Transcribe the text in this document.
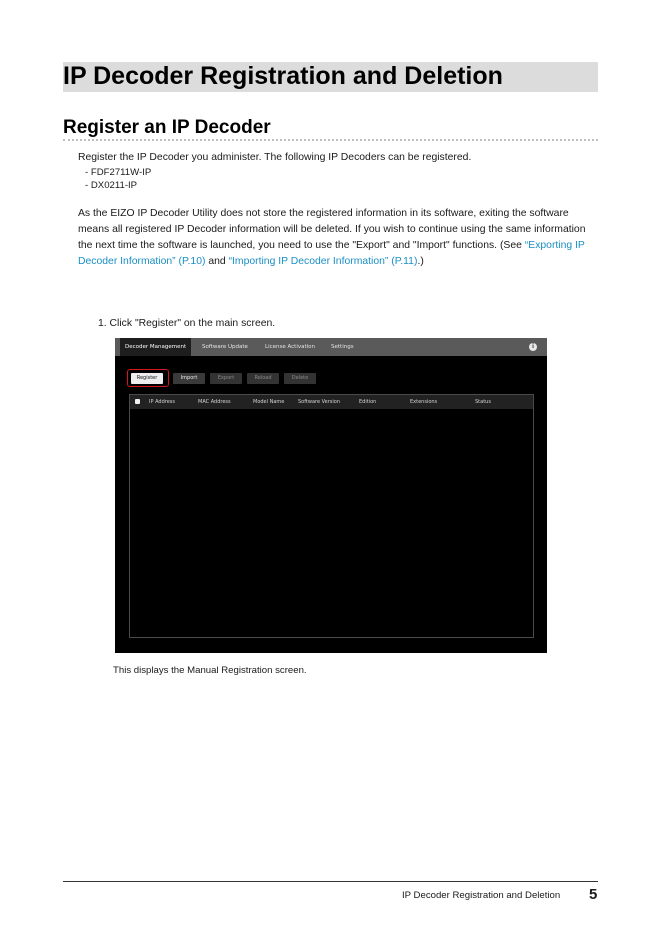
IP Decoder Registration and Deletion
Register an IP Decoder

Register the IP Decoder you administer. The following IP Decoders can be registered.

- FDF2711W-IP
- DX0211-IP

As the EIZO IP Decoder Utility does not store the registered information in its software, exiting the software means all registered IP Decoder information will be deleted. If you wish to continue using the same information the next time the software is launched, you need to use the "Export" and "Import" functions. (See “Exporting IP Decoder Information” (P.10) and “Importing IP Decoder Information” (P.11).)

1. Click "Register" on the main screen.

Decoder Management	Software Update	License Activation	Settings	i
Register	Import	Export	Reload	Delete
IP Address	MAC Address	Model Name	Software Version	Edition	Extensions	Status

This displays the Manual Registration screen.

IP Decoder Registration and Deletion 5
